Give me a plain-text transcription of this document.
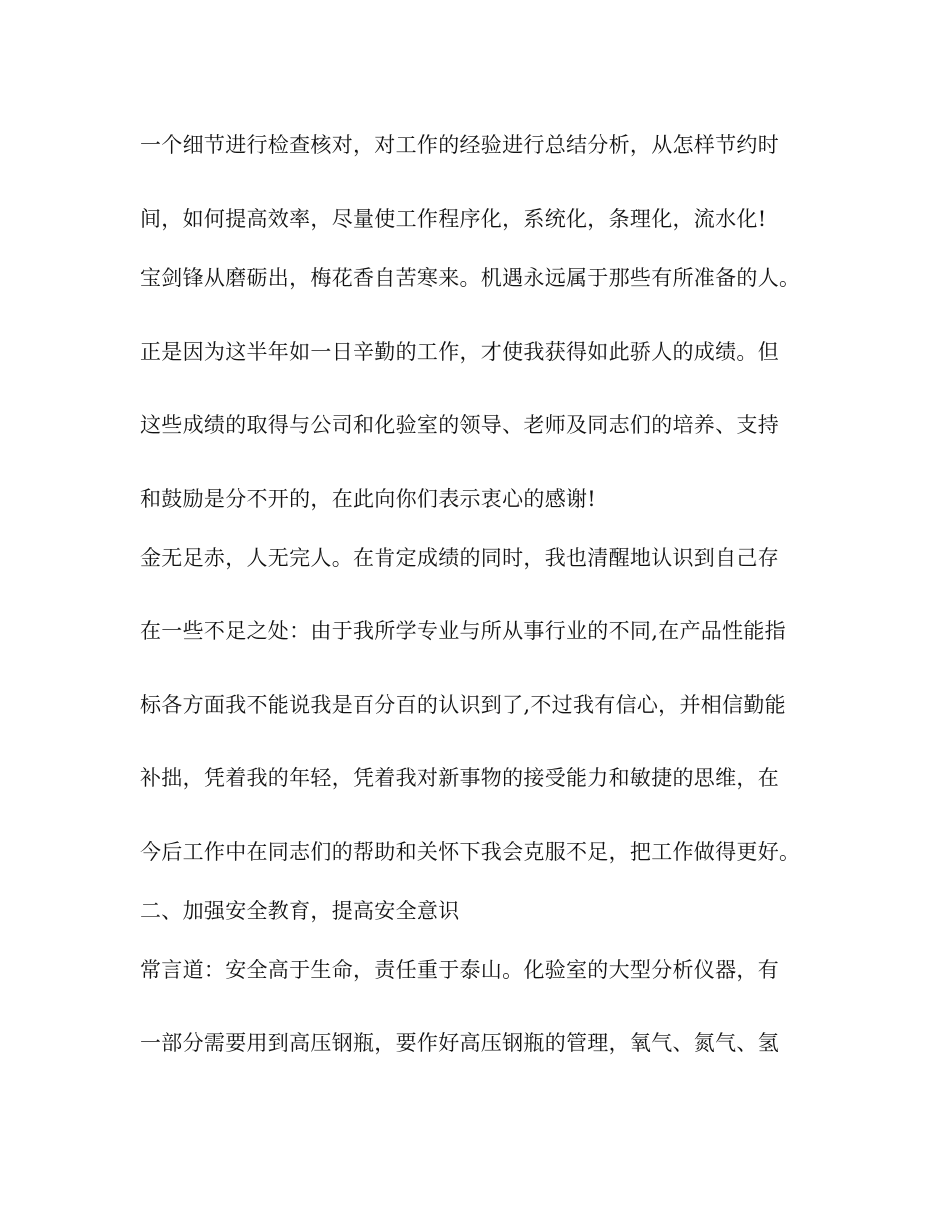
一个细节进行检查核对，对工作的经验进行总结分析，从怎样节约时
间，如何提高效率，尽量使工作程序化，系统化，条理化，流水化!
宝剑锋从磨砺出，梅花香自苦寒来。机遇永远属于那些有所准备的人。
正是因为这半年如一日辛勤的工作，才使我获得如此骄人的成绩。但
这些成绩的取得与公司和化验室的领导、老师及同志们的培养、支持
和鼓励是分不开的，在此向你们表示衷心的感谢!
金无足赤，人无完人。在肯定成绩的同时，我也清醒地认识到自己存
在一些不足之处：由于我所学专业与所从事行业的不同,在产品性能指
标各方面我不能说我是百分百的认识到了,不过我有信心，并相信勤能
补拙，凭着我的年轻，凭着我对新事物的接受能力和敏捷的思维，在
今后工作中在同志们的帮助和关怀下我会克服不足，把工作做得更好。
二、加强安全教育，提高安全意识
常言道：安全高于生命，责任重于泰山。化验室的大型分析仪器，有
一部分需要用到高压钢瓶，要作好高压钢瓶的管理，氧气、氮气、氢
